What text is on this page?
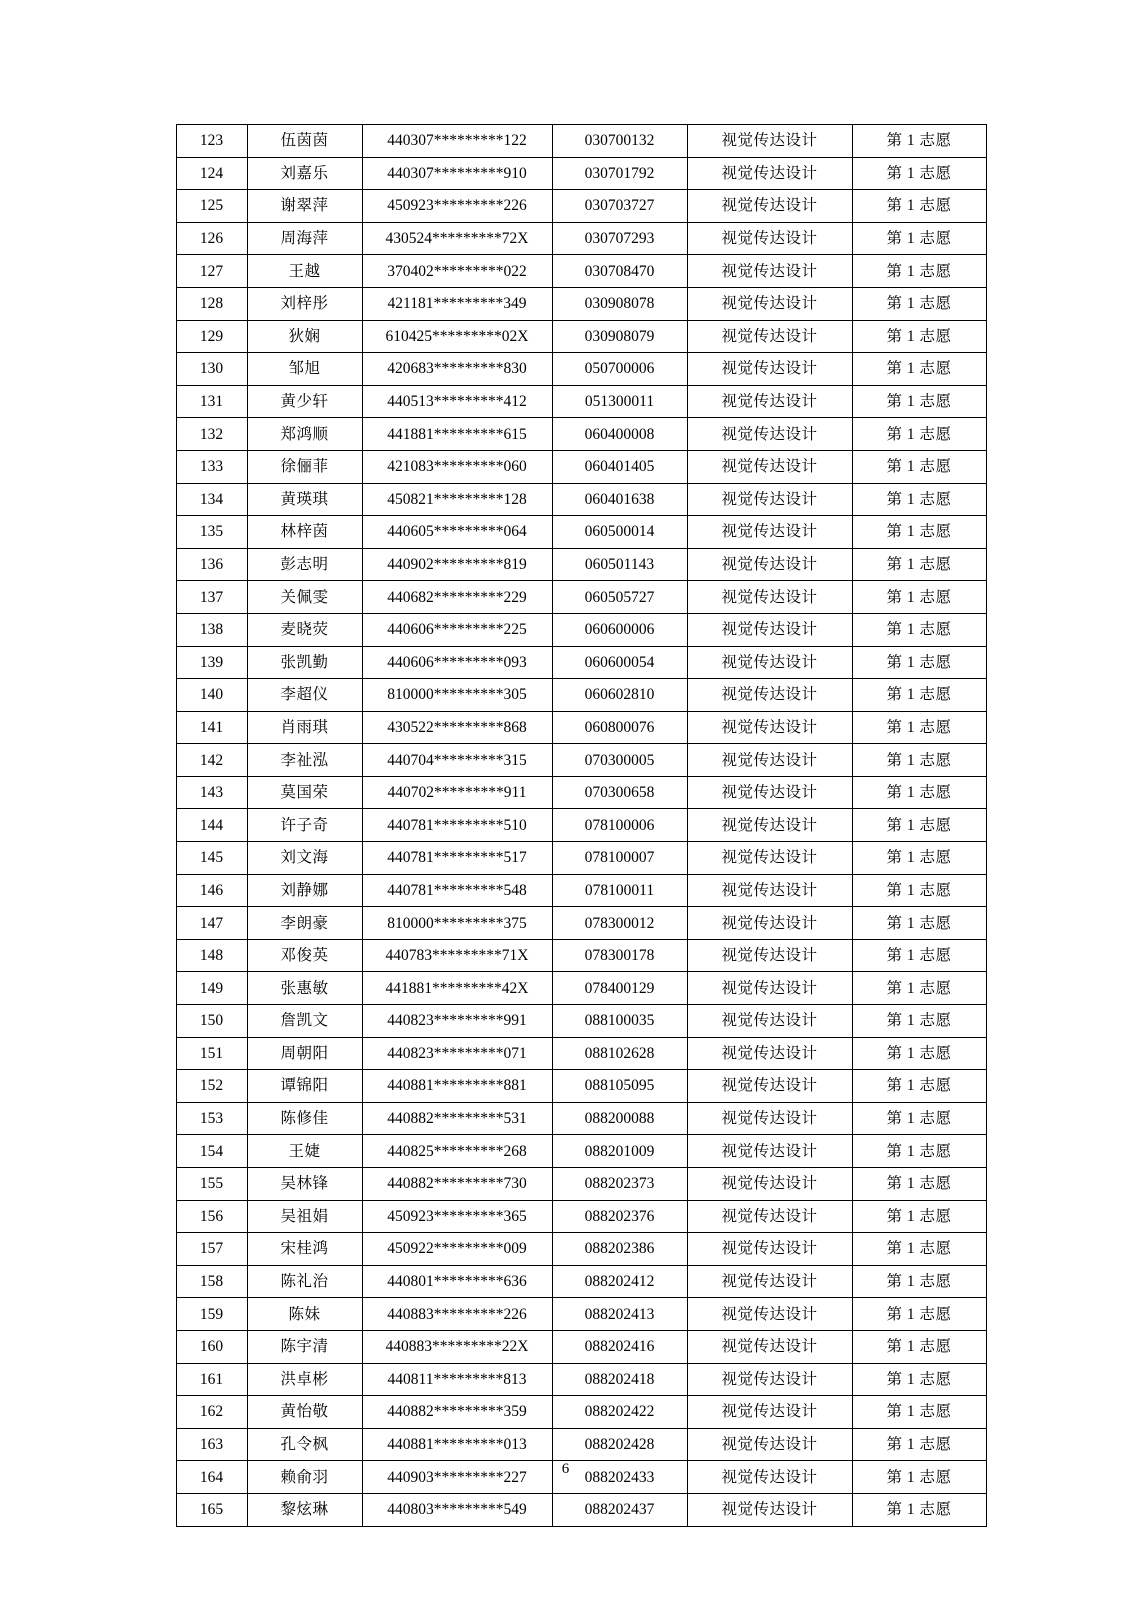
123	伍茵茵	440307*********122	030700132	视觉传达设计	第 1 志愿
124	刘嘉乐	440307*********910	030701792	视觉传达设计	第 1 志愿
125	谢翠萍	450923*********226	030703727	视觉传达设计	第 1 志愿
126	周海萍	430524*********72X	030707293	视觉传达设计	第 1 志愿
127	王越	370402*********022	030708470	视觉传达设计	第 1 志愿
128	刘梓彤	421181*********349	030908078	视觉传达设计	第 1 志愿
129	狄娴	610425*********02X	030908079	视觉传达设计	第 1 志愿
130	邹旭	420683*********830	050700006	视觉传达设计	第 1 志愿
131	黄少轩	440513*********412	051300011	视觉传达设计	第 1 志愿
132	郑鸿顺	441881*********615	060400008	视觉传达设计	第 1 志愿
133	徐俪菲	421083*********060	060401405	视觉传达设计	第 1 志愿
134	黄瑛琪	450821*********128	060401638	视觉传达设计	第 1 志愿
135	林梓茵	440605*********064	060500014	视觉传达设计	第 1 志愿
136	彭志明	440902*********819	060501143	视觉传达设计	第 1 志愿
137	关佩雯	440682*********229	060505727	视觉传达设计	第 1 志愿
138	麦晓荧	440606*********225	060600006	视觉传达设计	第 1 志愿
139	张凯勤	440606*********093	060600054	视觉传达设计	第 1 志愿
140	李超仪	810000*********305	060602810	视觉传达设计	第 1 志愿
141	肖雨琪	430522*********868	060800076	视觉传达设计	第 1 志愿
142	李祉泓	440704*********315	070300005	视觉传达设计	第 1 志愿
143	莫国荣	440702*********911	070300658	视觉传达设计	第 1 志愿
144	许子奇	440781*********510	078100006	视觉传达设计	第 1 志愿
145	刘文海	440781*********517	078100007	视觉传达设计	第 1 志愿
146	刘静娜	440781*********548	078100011	视觉传达设计	第 1 志愿
147	李朗豪	810000*********375	078300012	视觉传达设计	第 1 志愿
148	邓俊英	440783*********71X	078300178	视觉传达设计	第 1 志愿
149	张惠敏	441881*********42X	078400129	视觉传达设计	第 1 志愿
150	詹凯文	440823*********991	088100035	视觉传达设计	第 1 志愿
151	周朝阳	440823*********071	088102628	视觉传达设计	第 1 志愿
152	谭锦阳	440881*********881	088105095	视觉传达设计	第 1 志愿
153	陈修佳	440882*********531	088200088	视觉传达设计	第 1 志愿
154	王婕	440825*********268	088201009	视觉传达设计	第 1 志愿
155	吴林锋	440882*********730	088202373	视觉传达设计	第 1 志愿
156	吴祖娟	450923*********365	088202376	视觉传达设计	第 1 志愿
157	宋桂鸿	450922*********009	088202386	视觉传达设计	第 1 志愿
158	陈礼治	440801*********636	088202412	视觉传达设计	第 1 志愿
159	陈妹	440883*********226	088202413	视觉传达设计	第 1 志愿
160	陈宇清	440883*********22X	088202416	视觉传达设计	第 1 志愿
161	洪卓彬	440811*********813	088202418	视觉传达设计	第 1 志愿
162	黄怡敬	440882*********359	088202422	视觉传达设计	第 1 志愿
163	孔令枫	440881*********013	088202428	视觉传达设计	第 1 志愿
164	赖俞羽	440903*********227	088202433	视觉传达设计	第 1 志愿
165	黎炫琳	440803*********549	088202437	视觉传达设计	第 1 志愿
6
